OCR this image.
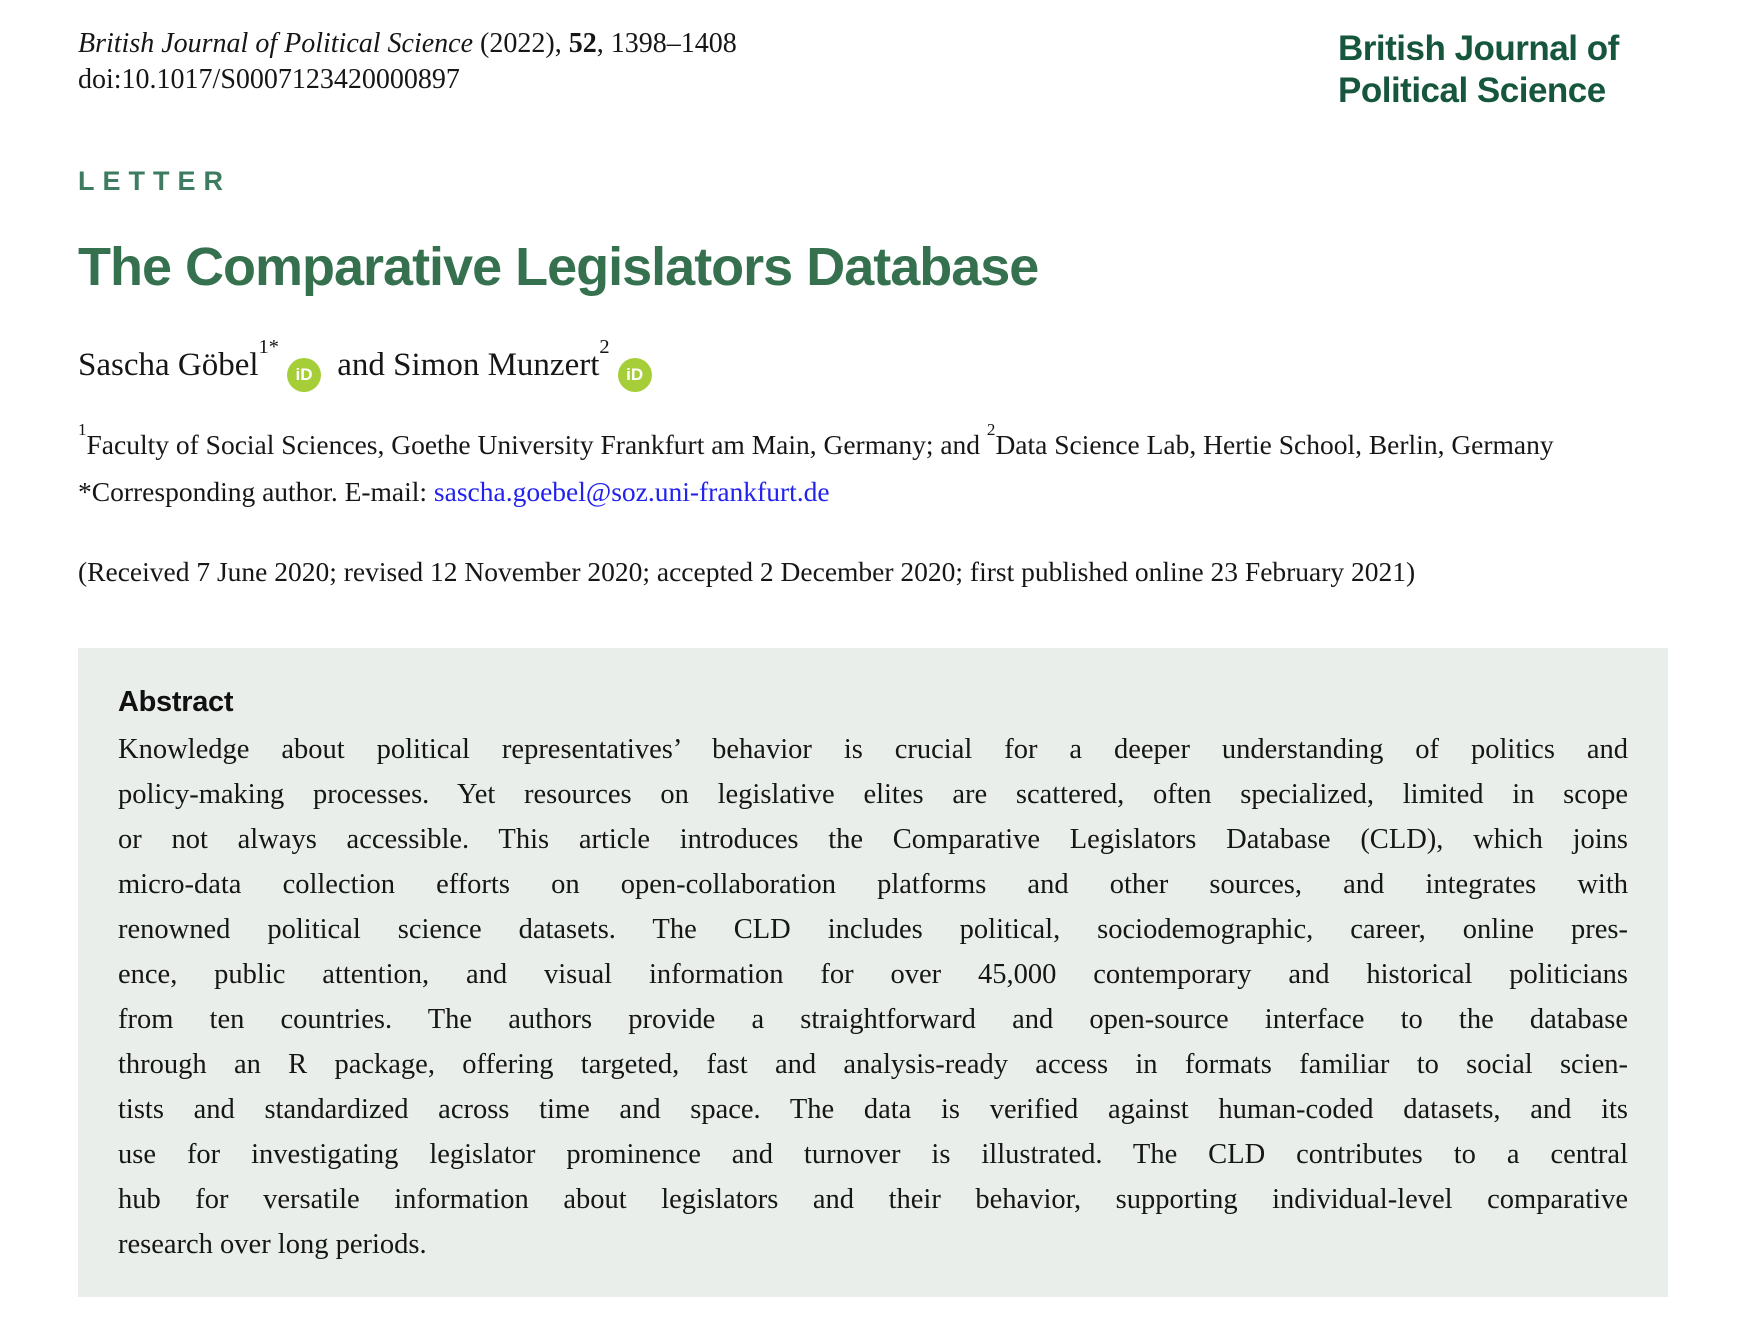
British Journal of Political Science (2022), 52, 1398–1408
doi:10.1017/S0007123420000897
British Journal of
Political Science
LETTER
The Comparative Legislators Database
Sascha Göbel$^{1*}$iD and Simon Munzert$^2$iD

$^1$Faculty of Social Sciences, Goethe University Frankfurt am Main, Germany; and $^2$Data Science Lab, Hertie School, Berlin, Germany

*Corresponding author. E-mail: sascha.goebel@soz.uni-frankfurt.de
(Received 7 June 2020; revised 12 November 2020; accepted 2 December 2020; first published online 23 February 2021)
Abstract
Knowledge about political representatives’ behavior is crucial for a deeper understanding of politics and
policy-making processes. Yet resources on legislative elites are scattered, often specialized, limited in scope
or not always accessible. This article introduces the Comparative Legislators Database (CLD), which joins
micro-data collection efforts on open-collaboration platforms and other sources, and integrates with
renowned political science datasets. The CLD includes political, sociodemographic, career, online pres-
ence, public attention, and visual information for over 45,000 contemporary and historical politicians
from ten countries. The authors provide a straightforward and open-source interface to the database
through an R package, offering targeted, fast and analysis-ready access in formats familiar to social scien-
tists and standardized across time and space. The data is verified against human-coded datasets, and its
use for investigating legislator prominence and turnover is illustrated. The CLD contributes to a central
hub for versatile information about legislators and their behavior, supporting individual-level comparative
research over long periods.
